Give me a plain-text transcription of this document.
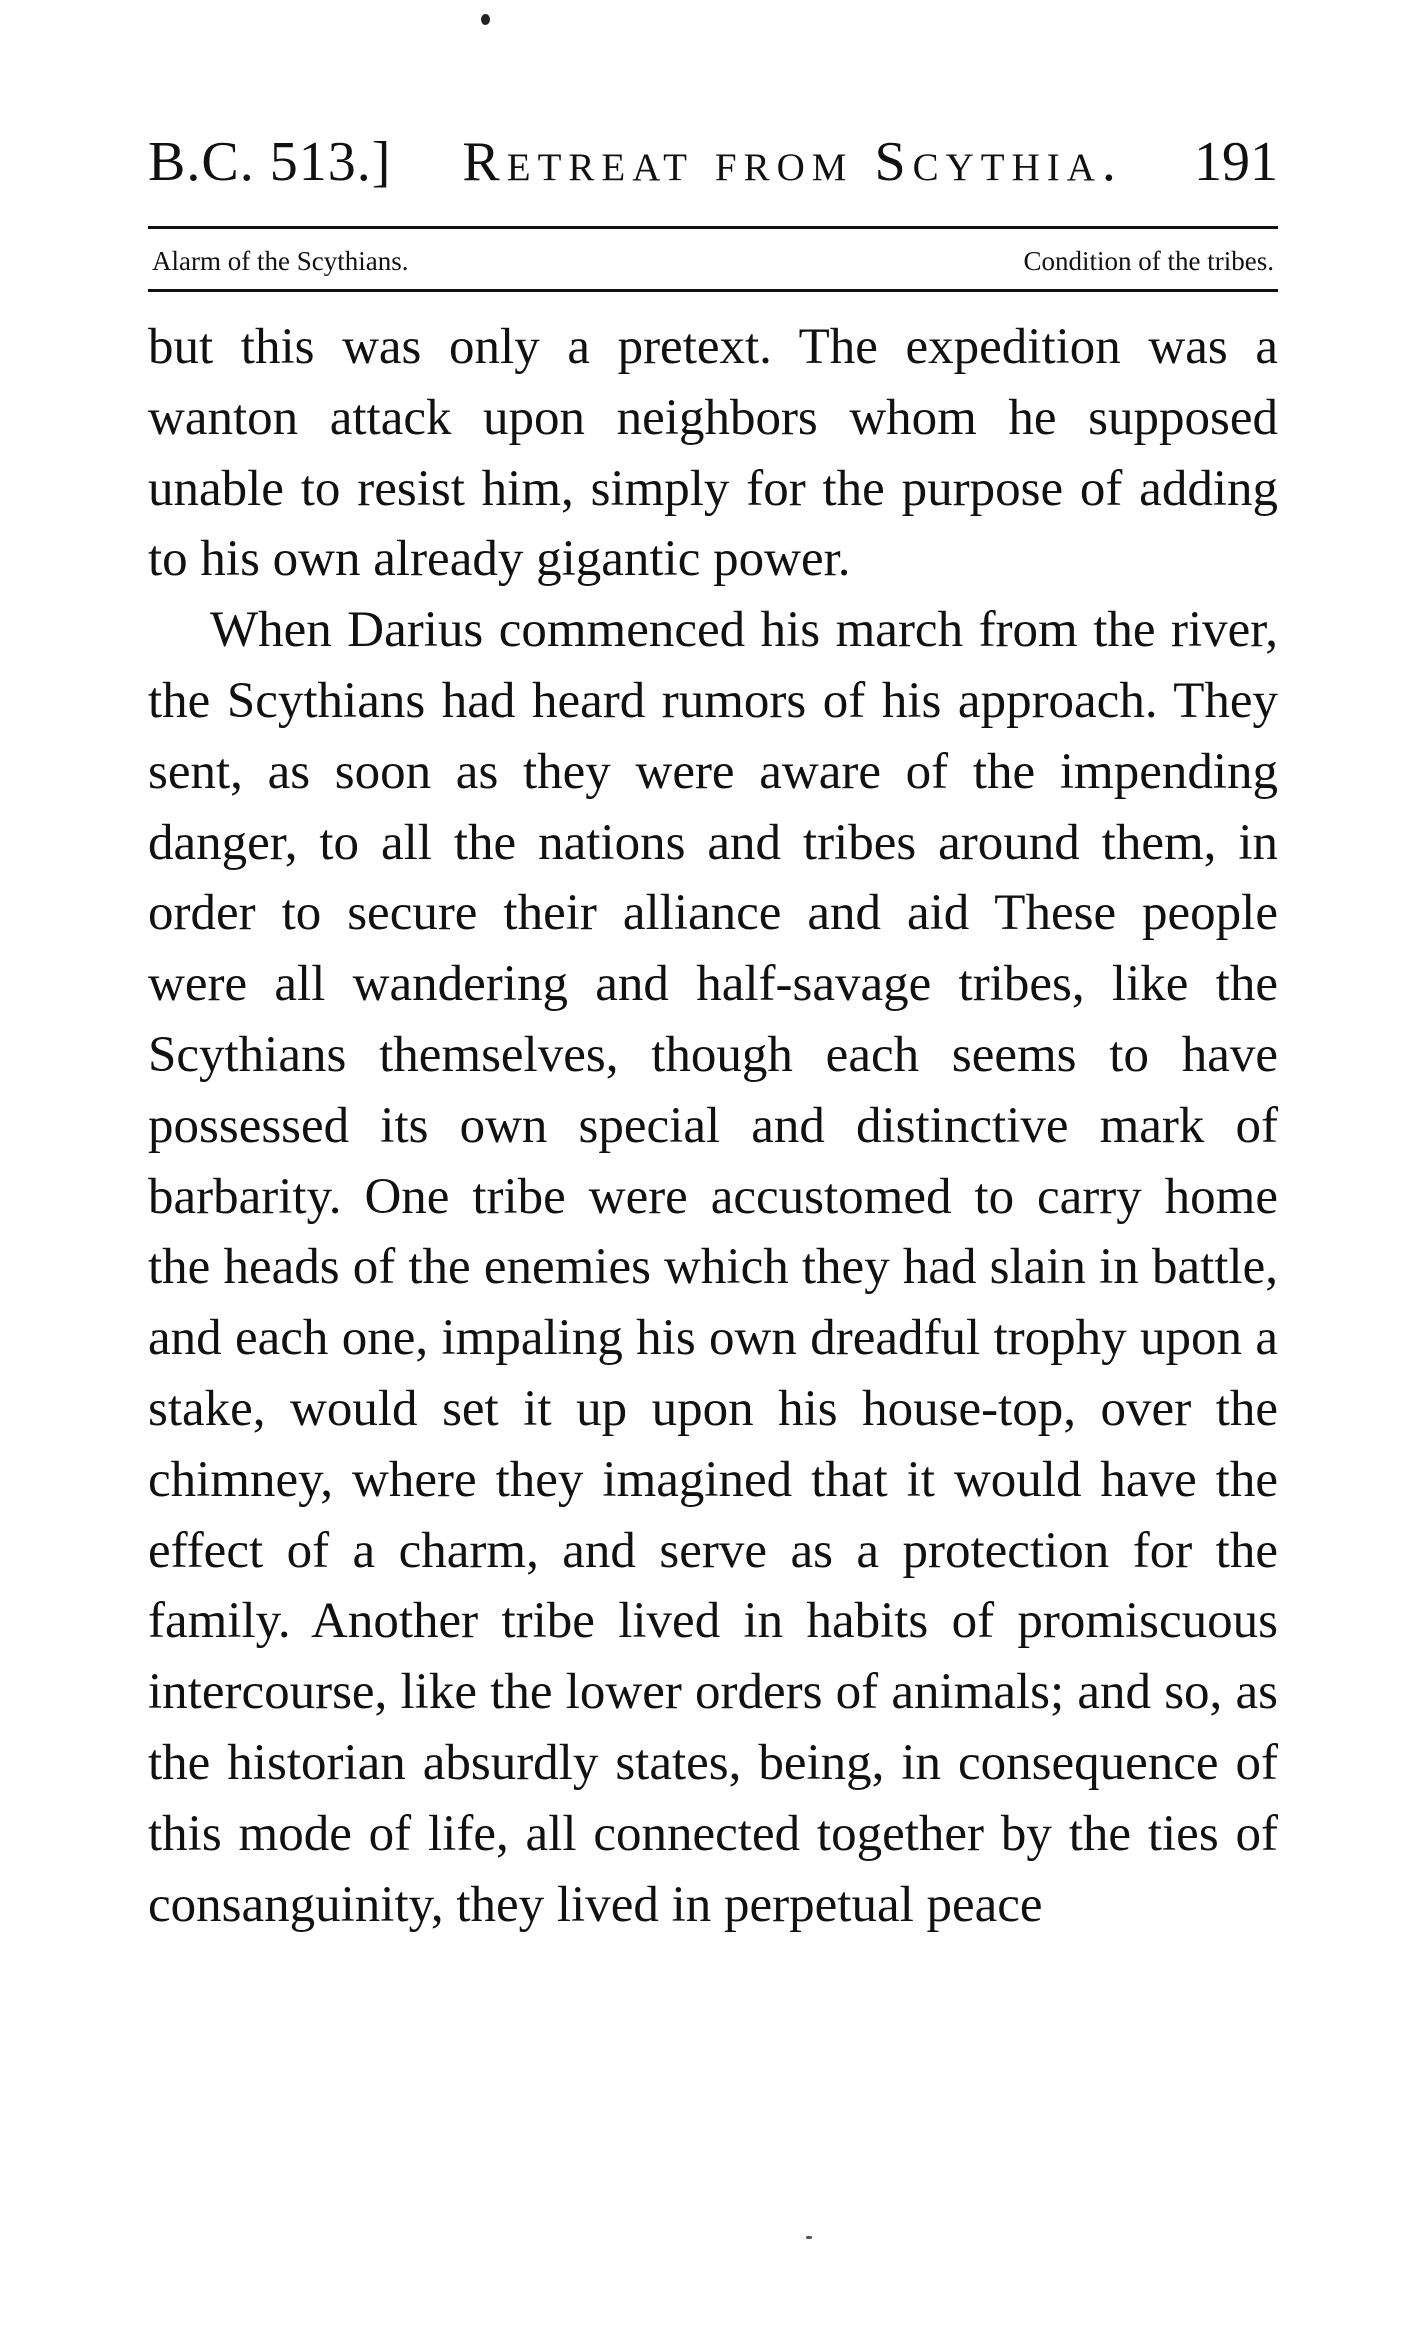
B.C. 513.] Retreat from Scythia. 191
Alarm of the Scythians.	Condition of the tribes.

but this was only a pretext. The expedition was a wanton attack upon neighbors whom he supposed unable to resist him, simply for the purpose of adding to his own already gigantic power.

When Darius commenced his march from the river, the Scythians had heard rumors of his approach. They sent, as soon as they were aware of the impending danger, to all the nations and tribes around them, in order to secure their alliance and aid These people were all wandering and half-savage tribes, like the Scythians themselves, though each seems to have possessed its own special and distinctive mark of barbarity. One tribe were accustomed to carry home the heads of the enemies which they had slain in battle, and each one, impaling his own dreadful trophy upon a stake, would set it up upon his house-top, over the chimney, where they imagined that it would have the effect of a charm, and serve as a protection for the family. Another tribe lived in habits of promiscuous intercourse, like the lower orders of animals; and so, as the historian absurdly states, being, in consequence of this mode of life, all connected together by the ties of consanguinity, they lived in perpetual peace
